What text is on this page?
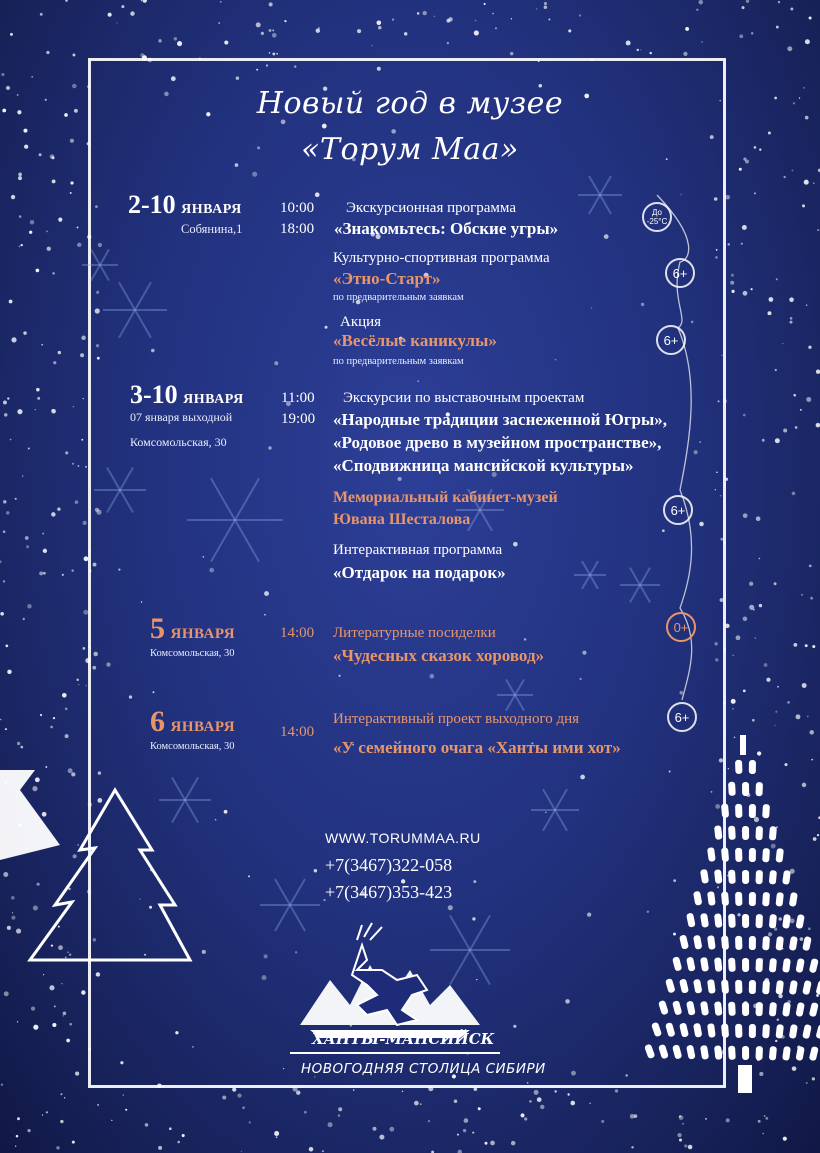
Новый год в музее
«Торум Маа»
2-10 ЯНВАРЯ
Собянина,1
10:00
18:00
Экскурсионная программа
«Знакомьтесь: Обские угры»
Культурно-спортивная программа
«Этно-Старт»
по предварительным заявкам
Акция
«Весёлые каникулы»
по предварительным заявкам
3-10 ЯНВАРЯ
07 января выходной
Комсомольская, 30
11:00
19:00
Экскурсии по выставочным проектам
«Народные традиции заснеженной Югры»,
«Родовое древо в музейном пространстве»,
«Сподвижница мансийской культуры»
Мемориальный кабинет-музей
Ювана Шесталова
Интерактивная программа
«Отдарок на подарок»
5 ЯНВАРЯ
Комсомольская, 30
14:00 Литературные посиделки
«Чудесных сказок хоровод»
6 ЯНВАРЯ
Комсомольская, 30
14:00
Интерактивный проект выходного дня
«У семейного очага «Ханты ими хот»
До
-25°C
6+
6+
6+
0+
6+
WWW.TORUMMAA.RU
+7(3467)322-058
+7(3467)353-423
ХАНТЫ-МАНСИЙСК
НОВОГОДНЯЯ СТОЛИЦА СИБИРИ
